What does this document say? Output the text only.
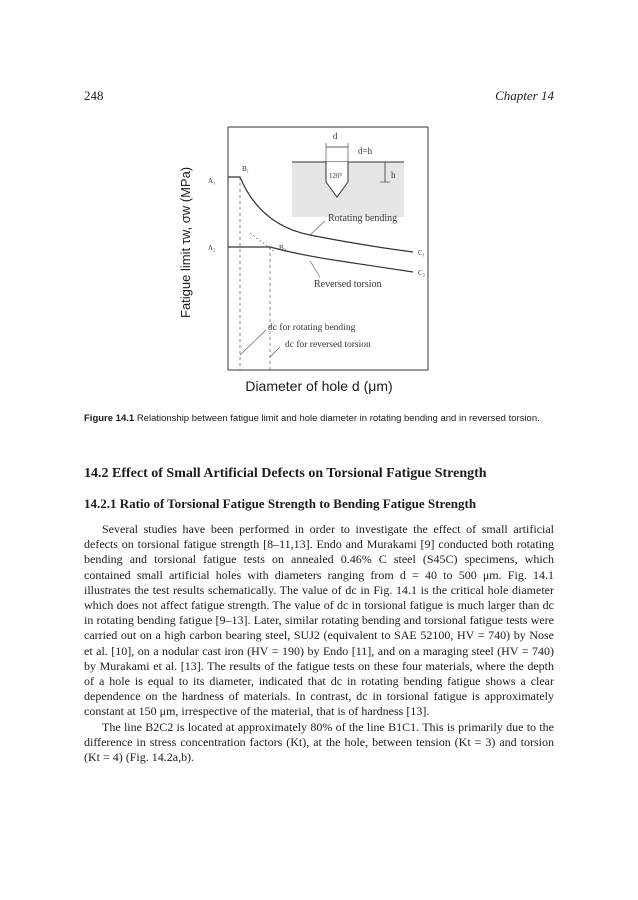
248	Chapter 14
d
d=h
120°	h
A₁
B₁
A₂	B₂
C₁
C₂
Rotating bending
Reversed torsion
dc for rotating bending
dc for reversed torsion
Fatigue limit τw, σw (MPa)
Diameter of hole d (μm)
Figure 14.1 Relationship between fatigue limit and hole diameter in rotating bending and in reversed torsion.
14.2 Effect of Small Artificial Defects on Torsional Fatigue Strength
14.2.1 Ratio of Torsional Fatigue Strength to Bending Fatigue Strength

Several studies have been performed in order to investigate the effect of small artificial defects on torsional fatigue strength [8–11,13]. Endo and Murakami [9] conducted both rotating bending and torsional fatigue tests on annealed 0.46% C steel (S45C) specimens, which contained small artificial holes with diameters ranging from d = 40 to 500 μm. Fig. 14.1 illustrates the test results schematically. The value of dc in Fig. 14.1 is the critical hole diameter which does not affect fatigue strength. The value of dc in torsional fatigue is much larger than dc in rotating bending fatigue [9–13]. Later, similar rotating bending and torsional fatigue tests were carried out on a high carbon bearing steel, SUJ2 (equivalent to SAE 52100, HV = 740) by Nose et al. [10], on a nodular cast iron (HV = 190) by Endo [11], and on a maraging steel (HV = 740) by Murakami et al. [13]. The results of the fatigue tests on these four materials, where the depth of a hole is equal to its diameter, indicated that dc in rotating bending fatigue shows a clear dependence on the hardness of materials. In contrast, dc in torsional fatigue is approximately constant at 150 μm, irrespective of the material, that is of hardness [13].

The line B2C2 is located at approximately 80% of the line B1C1. This is primarily due to the difference in stress concentration factors (Kt), at the hole, between tension (Kt = 3) and torsion (Kt = 4) (Fig. 14.2a,b).
